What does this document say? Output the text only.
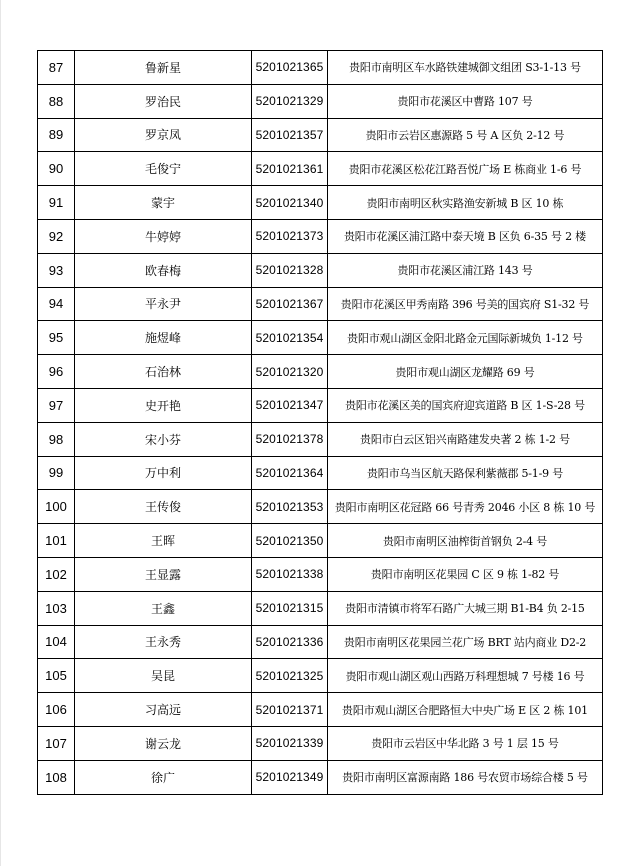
87	鲁新星	5201021365	贵阳市南明区车水路铁建城御文组团 S3-1-13 号
88	罗治民	5201021329	贵阳市花溪区中曹路 107 号
89	罗京凤	5201021357	贵阳市云岩区惠源路 5 号 A 区负 2-12 号
90	毛俊宁	5201021361	贵阳市花溪区松花江路吾悦广场 E 栋商业 1-6 号
91	蒙宇	5201021340	贵阳市南明区秋实路渔安新城 B 区 10 栋
92	牛婷婷	5201021373	贵阳市花溪区浦江路中泰天境 B 区负 6-35 号 2 楼
93	欧春梅	5201021328	贵阳市花溪区浦江路 143 号
94	平永尹	5201021367	贵阳市花溪区甲秀南路 396 号美的国宾府 S1-32 号
95	施煜峰	5201021354	贵阳市观山湖区金阳北路金元国际新城负 1-12 号
96	石治林	5201021320	贵阳市观山湖区龙耀路 69 号
97	史开艳	5201021347	贵阳市花溪区美的国宾府迎宾道路 B 区 1-S-28 号
98	宋小芬	5201021378	贵阳市白云区铝兴南路建发央著 2 栋 1-2 号
99	万中利	5201021364	贵阳市乌当区航天路保利紫薇郡 5-1-9 号
100	王传俊	5201021353	贵阳市南明区花冠路 66 号青秀 2046 小区 8 栋 10 号
101	王晖	5201021350	贵阳市南明区油榨街首钢负 2-4 号
102	王显露	5201021338	贵阳市南明区花果园 C 区 9 栋 1-82 号
103	王鑫	5201021315	贵阳市清镇市将军石路广大城三期 B1-B4 负 2-15
104	王永秀	5201021336	贵阳市南明区花果园兰花广场 BRT 站内商业 D2-2
105	吴昆	5201021325	贵阳市观山湖区观山西路万科理想城 7 号楼 16 号
106	习高远	5201021371	贵阳市观山湖区合肥路恒大中央广场 E 区 2 栋 101
107	谢云龙	5201021339	贵阳市云岩区中华北路 3 号 1 层 15 号
108	徐广	5201021349	贵阳市南明区富源南路 186 号农贸市场综合楼 5 号
